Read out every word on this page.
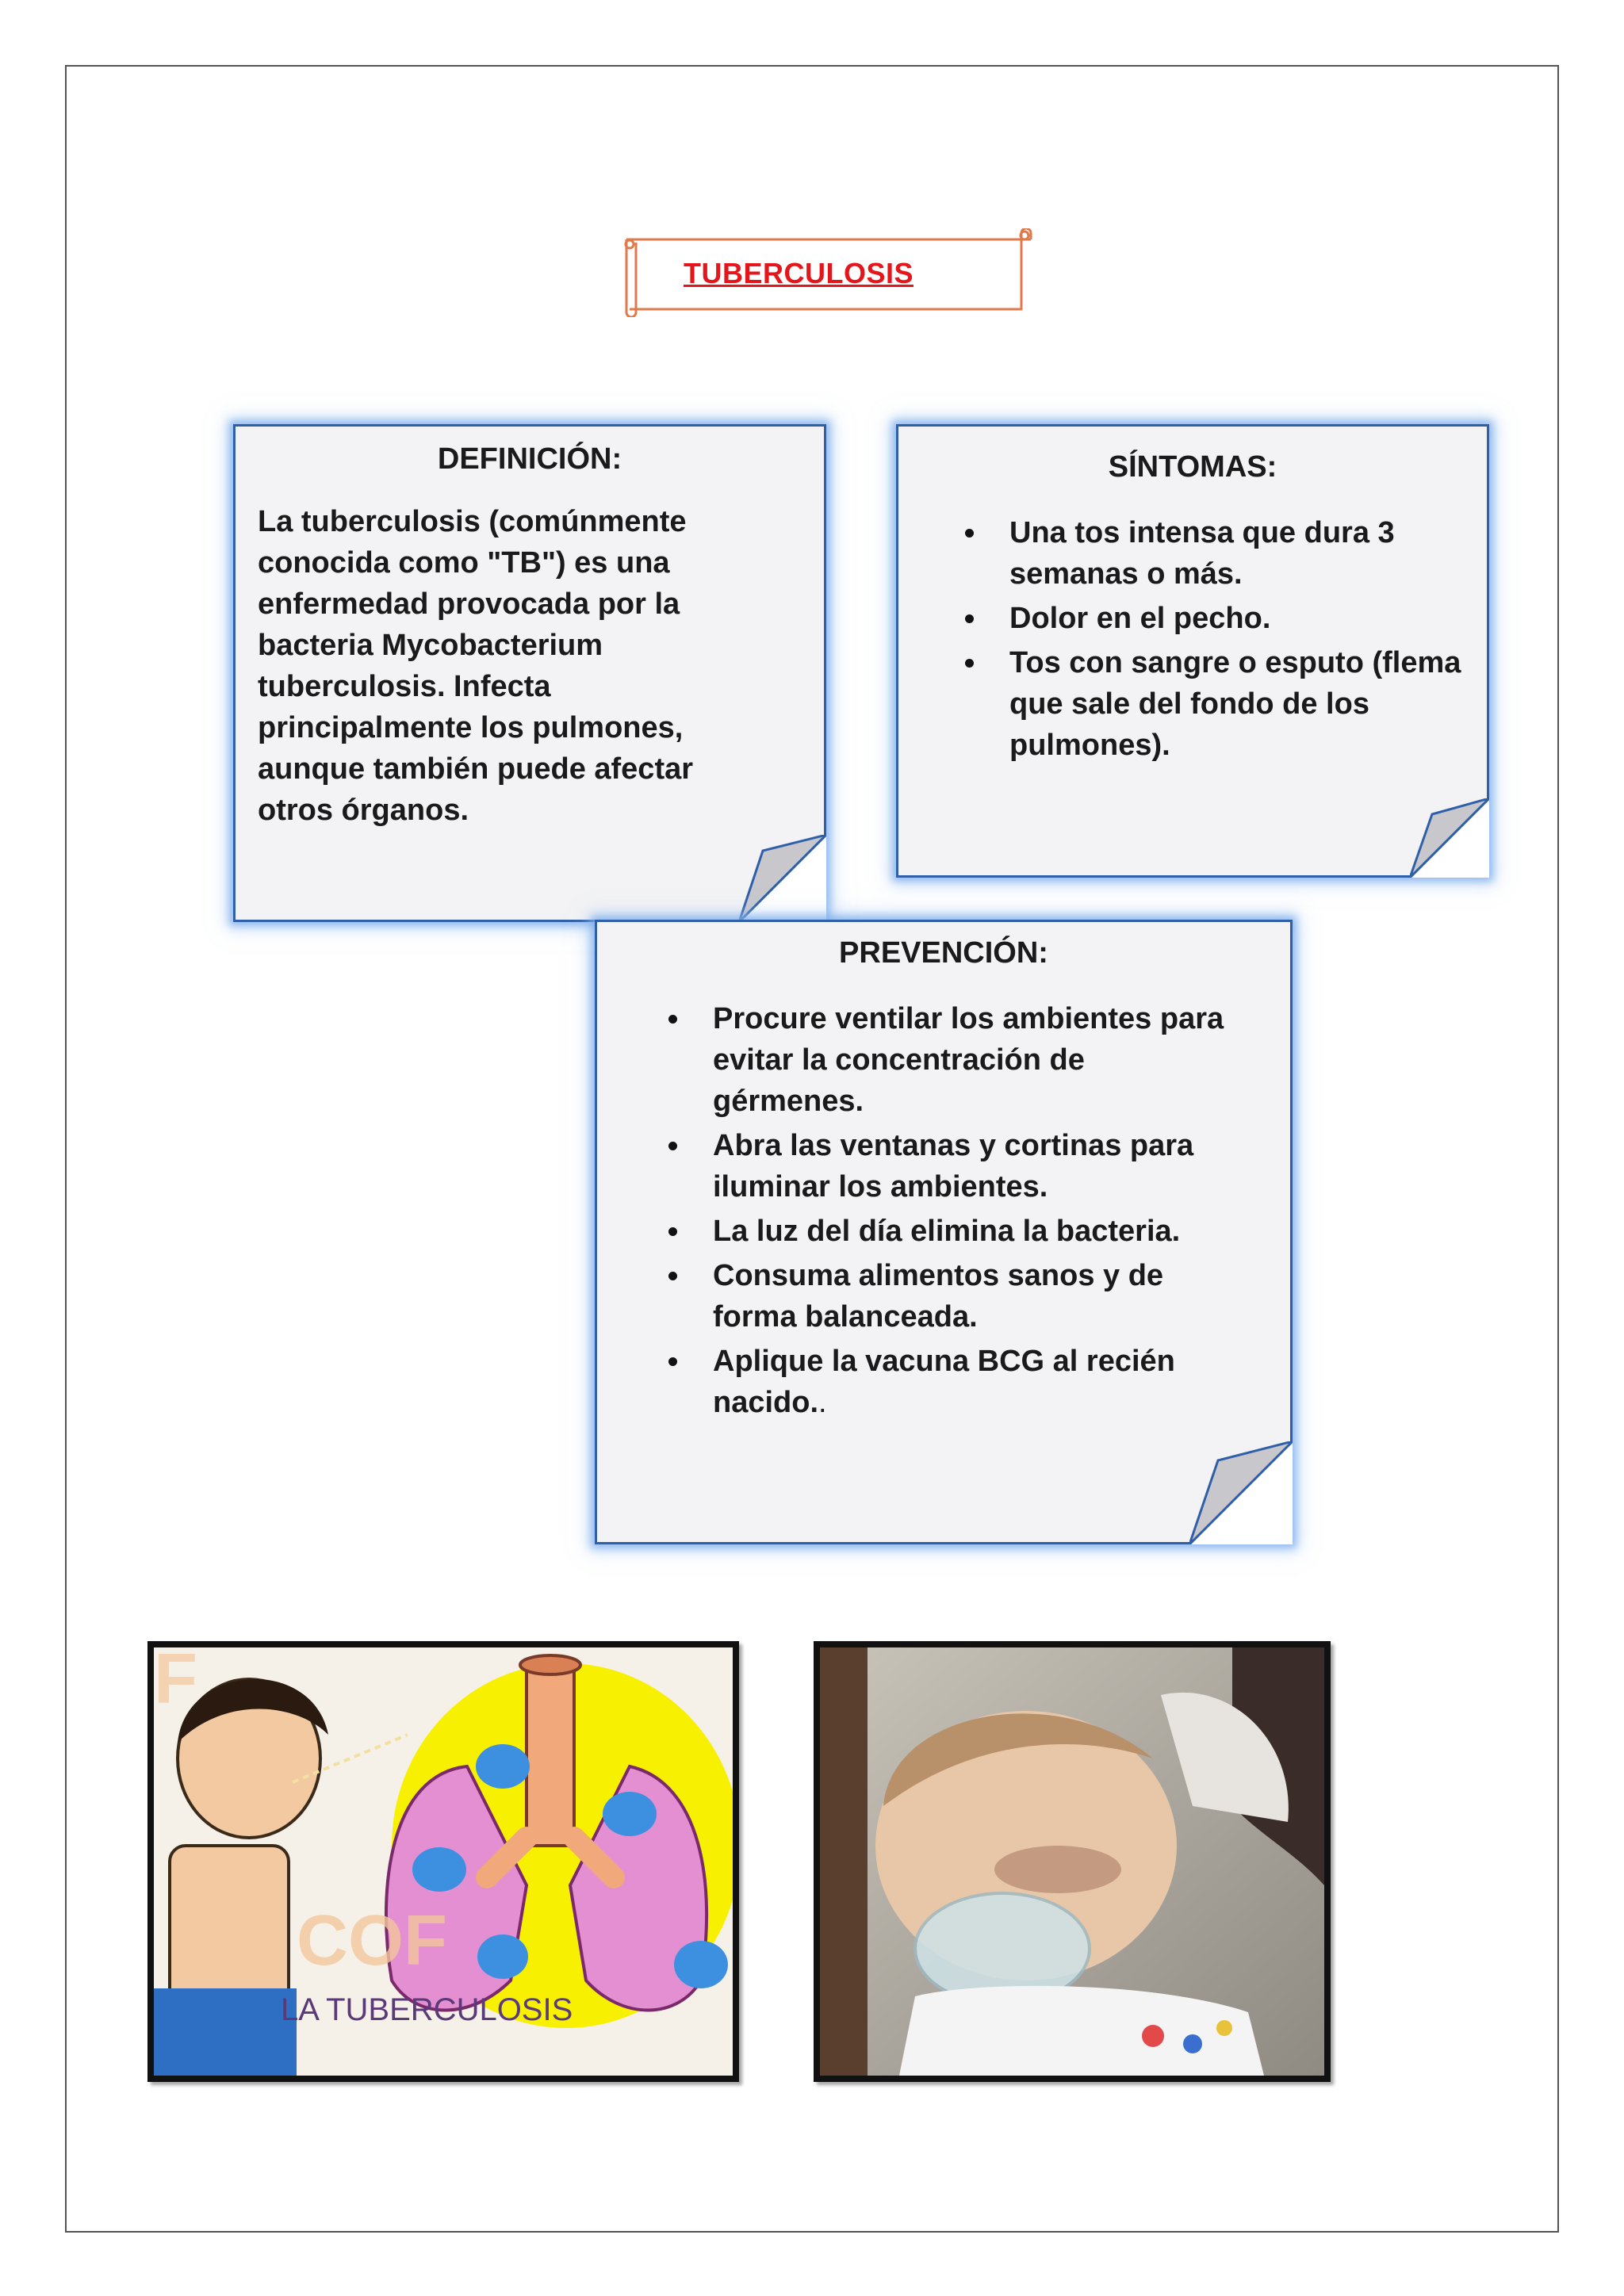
TUBERCULOSIS
DEFINICIÓN:
La tuberculosis (comúnmente
conocida como "TB") es una
enfermedad provocada por la
bacteria Mycobacterium
tuberculosis. Infecta
principalmente los pulmones,
aunque también puede afectar
otros órganos.
SÍNTOMAS:
Una tos intensa que dura 3 semanas o más.
Dolor en el pecho.
Tos con sangre o esputo (flema que sale del fondo de los pulmones).
PREVENCIÓN:
Procure ventilar los ambientes para evitar la concentración de gérmenes.
Abra las ventanas y cortinas para iluminar los ambientes.
La luz del día elimina la bacteria.
Consuma alimentos sanos y de forma balanceada.
Aplique la vacuna BCG al recién nacido..
F
COF
LA TUBERCULOSIS
